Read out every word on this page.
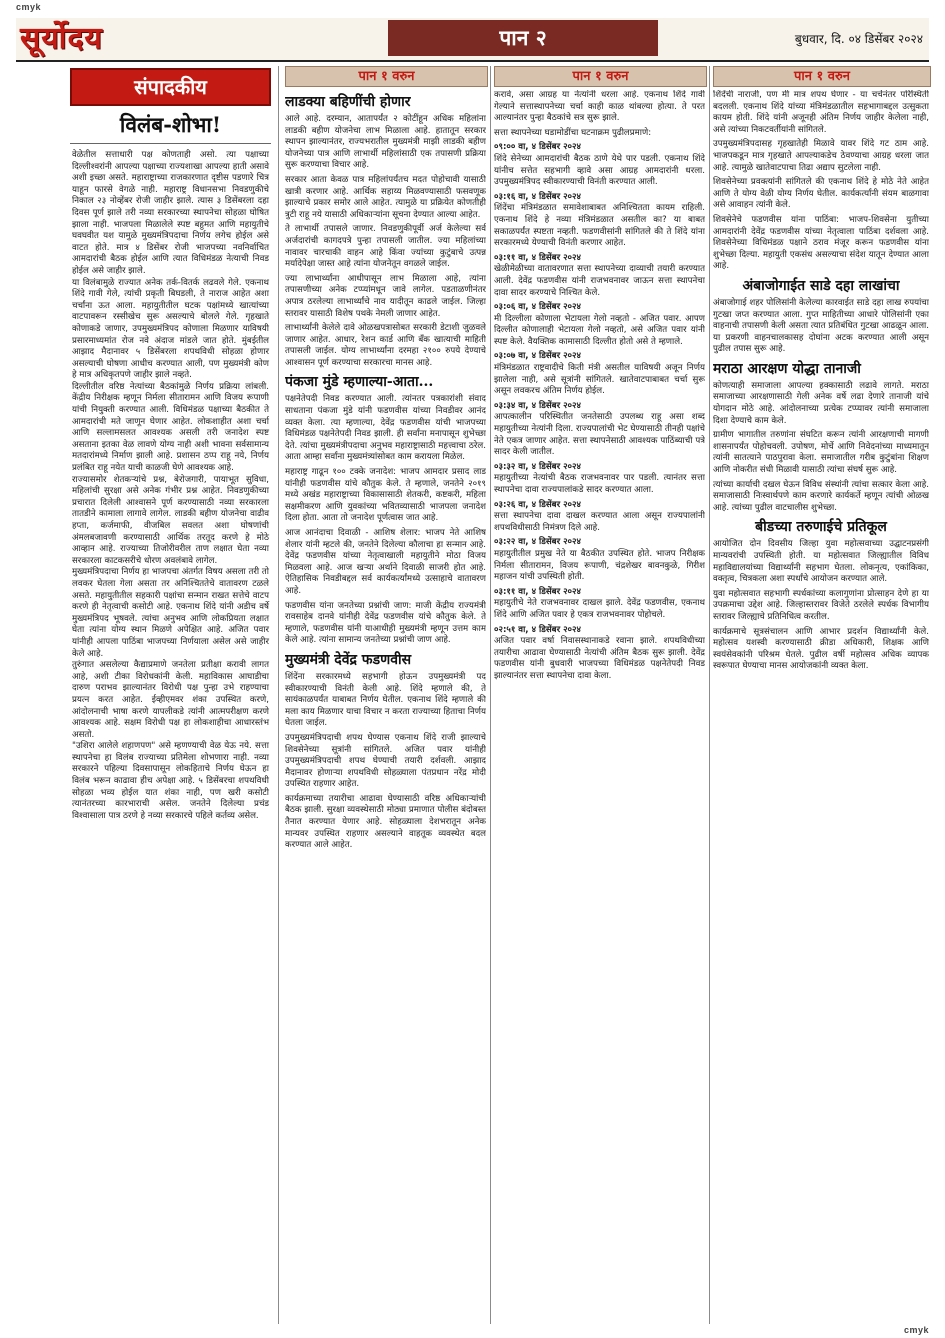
cmyk
सूर्योदय	पान २	बुधवार, दि. ०४ डिसेंबर २०२४
संपादकीय
विलंब-शोभा!

वेळेतील सत्ताधारी पक्ष कोणताही असो. त्या पक्षाच्या दिल्लीश्वरांनी आपल्या पक्षाच्या राज्यशाखा आपल्या हाती असावे अशी इच्छा असते. महाराष्ट्राच्या राजकारणात दृष्टीस पडणारे चित्र याहून फारसे वेगळे नाही. महाराष्ट्र विधानसभा निवडणुकीचे निकाल २३ नोव्हेंबर रोजी जाहीर झाले. त्यास ३ डिसेंबरला दहा दिवस पूर्ण झाले तरी नव्या सरकारच्या स्थापनेचा सोहळा घोषित झाला नाही. भाजपला मिळालेले स्पष्ट बहुमत आणि महायुतीचे घवघवीत यश यामुळे मुख्यमंत्रिपदाचा निर्णय लगेच होईल असे वाटत होते. मात्र ४ डिसेंबर रोजी भाजपच्या नवनिर्वाचित आमदारांची बैठक होईल आणि त्यात विधिमंडळ नेत्याची निवड होईल असे जाहीर झाले.

या विलंबामुळे राज्यात अनेक तर्क-वितर्क लढवले गेले. एकनाथ शिंदे गावी गेले, त्यांची प्रकृती बिघडली, ते नाराज आहेत अशा चर्चांना ऊत आला. महायुतीतील घटक पक्षांमध्ये खात्यांच्या वाटपावरून रस्सीखेच सुरू असल्याचे बोलले गेले. गृहखाते कोणाकडे जाणार, उपमुख्यमंत्रिपद कोणाला मिळणार याविषयी प्रसारमाध्यमांत रोज नवे अंदाज मांडले जात होते. मुंबईतील आझाद मैदानावर ५ डिसेंबरला शपथविधी सोहळा होणार असल्याची घोषणा आधीच करण्यात आली, पण मुख्यमंत्री कोण हे मात्र अधिकृतपणे जाहीर झाले नव्हते.

दिल्लीतील वरिष्ठ नेत्यांच्या बैठकांमुळे निर्णय प्रक्रिया लांबली. केंद्रीय निरीक्षक म्हणून निर्मला सीतारामन आणि विजय रूपाणी यांची नियुक्ती करण्यात आली. विधिमंडळ पक्षाच्या बैठकीत ते आमदारांची मते जाणून घेणार आहेत. लोकशाहीत अशा चर्चा आणि सल्लामसलत आवश्यक असली तरी जनादेश स्पष्ट असताना इतका वेळ लावणे योग्य नाही अशी भावना सर्वसामान्य मतदारांमध्ये निर्माण झाली आहे. प्रशासन ठप्प राहू नये, निर्णय प्रलंबित राहू नयेत याची काळजी घेणे आवश्यक आहे.

राज्यासमोर शेतकऱ्यांचे प्रश्न, बेरोजगारी, पायाभूत सुविधा, महिलांची सुरक्षा असे अनेक गंभीर प्रश्न आहेत. निवडणुकीच्या प्रचारात दिलेली आश्वासने पूर्ण करण्यासाठी नव्या सरकारला तातडीने कामाला लागावे लागेल. लाडकी बहीण योजनेचा वाढीव हप्ता, कर्जमाफी, वीजबिल सवलत अशा घोषणांची अंमलबजावणी करण्यासाठी आर्थिक तरतूद करणे हे मोठे आव्हान आहे. राज्याच्या तिजोरीवरील ताण लक्षात घेता नव्या सरकारला काटकसरीचे धोरण अवलंबावे लागेल.

मुख्यमंत्रिपदाचा निर्णय हा भाजपचा अंतर्गत विषय असला तरी तो लवकर घेतला गेला असता तर अनिश्चिततेचे वातावरण टळले असते. महायुतीतील सहकारी पक्षांचा सन्मान राखत सत्तेचे वाटप करणे ही नेतृत्वाची कसोटी आहे. एकनाथ शिंदे यांनी अडीच वर्षे मुख्यमंत्रिपद भूषवले. त्यांचा अनुभव आणि लोकप्रियता लक्षात घेता त्यांना योग्य स्थान मिळणे अपेक्षित आहे. अजित पवार यांनीही आपला पाठिंबा भाजपच्या निर्णयाला असेल असे जाहीर केले आहे.

तुरुंगात असलेल्या कैद्याप्रमाणे जनतेला प्रतीक्षा करावी लागत आहे, अशी टीका विरोधकांनी केली. महाविकास आघाडीचा दारुण पराभव झाल्यानंतर विरोधी पक्ष पुन्हा उभे राहण्याचा प्रयत्न करत आहेत. ईव्हीएमवर शंका उपस्थित करणे, आंदोलनाची भाषा करणे यापलीकडे त्यांनी आत्मपरीक्षण करणे आवश्यक आहे. सक्षम विरोधी पक्ष हा लोकशाहीचा आधारस्तंभ असतो.

"उशिरा आलेले शहाणपण" असे म्हणण्याची वेळ येऊ नये. सत्ता स्थापनेचा हा विलंब राज्याच्या प्रतिमेला शोभणारा नाही. नव्या सरकारने पहिल्या दिवसापासून लोकहिताचे निर्णय घेऊन हा विलंब भरून काढावा हीच अपेक्षा आहे. ५ डिसेंबरचा शपथविधी सोहळा भव्य होईल यात शंका नाही, पण खरी कसोटी त्यानंतरच्या कारभाराची असेल. जनतेने दिलेल्या प्रचंड विश्वासाला पात्र ठरणे हे नव्या सरकारचे पहिले कर्तव्य असेल.

पान १ वरुन	पान १ वरुन	पान १ वरुन
लाडक्या बहिणींची होणार

आले आहे. दरम्यान, आतापर्यंत २ कोटींहून अधिक महिलांना लाडकी बहीण योजनेचा लाभ मिळाला आहे. हातातून सरकार स्थापन झाल्यानंतर, राज्यभरातील मुख्यमंत्री माझी लाडकी बहीण योजनेच्या पात्र आणि लाभार्थी महिलांसाठी एक तपासणी प्रक्रिया सुरू करण्याचा विचार आहे.

सरकार आता केवळ पात्र महिलांपर्यंतच मदत पोहोचावी यासाठी खात्री करणार आहे. आर्थिक सहाय्य मिळवण्यासाठी फसवणूक झाल्याचे प्रकार समोर आले आहेत. त्यामुळे या प्रक्रियेत कोणतीही त्रुटी राहू नये यासाठी अधिकाऱ्यांना सूचना देण्यात आल्या आहेत.

ते लाभार्थी तपासले जाणार. निवडणुकीपूर्वी अर्ज केलेल्या सर्व अर्जदारांची कागदपत्रे पुन्हा तपासली जातील. ज्या महिलांच्या नावावर चारचाकी वाहन आहे किंवा ज्यांच्या कुटुंबाचे उत्पन्न मर्यादेपेक्षा जास्त आहे त्यांना योजनेतून वगळले जाईल.

ज्या लाभार्थ्यांना आधीपासून लाभ मिळाला आहे, त्यांना तपासणीच्या अनेक टप्प्यांमधून जावे लागेल. पडताळणीनंतर अपात्र ठरलेल्या लाभार्थ्यांचे नाव यादीतून काढले जाईल. जिल्हा स्तरावर यासाठी विशेष पथके नेमली जाणार आहेत.

लाभार्थ्यांनी केलेले दावे ओळखपत्रासोबत सरकारी डेटाशी जुळवले जाणार आहेत. आधार, रेशन कार्ड आणि बँक खात्याची माहिती तपासली जाईल. योग्य लाभार्थ्यांना दरमहा २१०० रुपये देण्याचे आश्वासन पूर्ण करण्याचा सरकारचा मानस आहे.

पंकजा मुंडे म्हणाल्या-आता...

पक्षनेतेपदी निवड करण्यात आली. त्यांनतर पत्रकारांशी संवाद साधताना पंकजा मुंडे यांनी फडणवीस यांच्या निवडीवर आनंद व्यक्त केला. त्या म्हणाल्या, देवेंद्र फडणवीस यांची भाजपच्या विधिमंडळ पक्षनेतेपदी निवड झाली. ही सर्वांना मनापासून शुभेच्छा देते. त्यांचा मुख्यमंत्रीपदाचा अनुभव महाराष्ट्रासाठी महत्त्वाचा ठरेल. आता आम्हा सर्वांना मुख्यमंत्र्यांसोबत काम करायला मिळेल.

महाराष्ट्र गाढून १०० टक्के जनादेश: भाजप आमदार प्रसाद लाड यांनीही फडणवीस यांचे कौतुक केले. ते म्हणाले, जनतेने २०१९ मध्ये अखंड महाराष्ट्राच्या विकासासाठी शेतकरी, कष्टकरी, महिला सक्षमीकरण आणि युवकांच्या भवितव्यासाठी भाजपला जनादेश दिला होता. आता तो जनादेश पूर्णत्वास जात आहे.

आज आनंदाचा दिवाळी - आशिष शेलार: भाजप नेते आशिष शेलार यांनी म्हटले की, जनतेने दिलेल्या कौलाचा हा सन्मान आहे. देवेंद्र फडणवीस यांच्या नेतृत्वाखाली महायुतीने मोठा विजय मिळवला आहे. आज खऱ्या अर्थाने दिवाळी साजरी होत आहे. ऐतिहासिक निवडीबद्दल सर्व कार्यकर्त्यांमध्ये उत्साहाचे वातावरण आहे.

फडणवीस यांना जनतेच्या प्रश्नांची जाण: माजी केंद्रीय राज्यमंत्री रावसाहेब दानवे यांनीही देवेंद्र फडणवीस यांचे कौतुक केले. ते म्हणाले, फडणवीस यांनी याआधीही मुख्यमंत्री म्हणून उत्तम काम केले आहे. त्यांना सामान्य जनतेच्या प्रश्नांची जाण आहे.

मुख्यमंत्री देवेंद्र फडणवीस

शिंदेंना सरकारमध्ये सहभागी होऊन उपमुख्यमंत्री पद स्वीकारण्याची विनंती केली आहे. शिंदे म्हणाले की, ते सायंकाळपर्यंत याबाबत निर्णय घेतील. एकनाथ शिंदे म्हणाले की मला काय मिळणार याचा विचार न करता राज्याच्या हिताचा निर्णय घेतला जाईल.

उपमुख्यमंत्रिपदाची शपथ घेण्यास एकनाथ शिंदे राजी झाल्याचे शिवसेनेच्या सूत्रांनी सांगितले. अजित पवार यांनीही उपमुख्यमंत्रिपदाची शपथ घेण्याची तयारी दर्शवली. आझाद मैदानावर होणाऱ्या शपथविधी सोहळ्याला पंतप्रधान नरेंद्र मोदी उपस्थित राहणार आहेत.

कार्यक्रमाच्या तयारीचा आढावा घेण्यासाठी वरिष्ठ अधिकाऱ्यांची बैठक झाली. सुरक्षा व्यवस्थेसाठी मोठ्या प्रमाणात पोलीस बंदोबस्त तैनात करण्यात येणार आहे. सोहळ्याला देशभरातून अनेक मान्यवर उपस्थित राहणार असल्याने वाहतूक व्यवस्थेत बदल करण्यात आले आहेत.

करावे, असा आग्रह या नेत्यांनी धरला आहे. एकनाथ शिंदे गावी गेल्याने सत्तास्थापनेच्या चर्चा काही काळ थांबल्या होत्या. ते परत आल्यानंतर पुन्हा बैठकांचे सत्र सुरू झाले.

सत्ता स्थापनेच्या घडामोडींचा घटनाक्रम पुढीलप्रमाणे:

०९:०० वा, ४ डिसेंबर २०२४
शिंदे सेनेच्या आमदारांची बैठक ठाणे येथे पार पडली. एकनाथ शिंदे यांनीच सत्तेत सहभागी व्हावे असा आग्रह आमदारांनी धरला. उपमुख्यमंत्रिपद स्वीकारण्याची विनंती करण्यात आली.

०३:१६ वा, ४ डिसेंबर २०२४
शिंदेंचा मंत्रिमंडळात समावेशाबाबत अनिश्चितता कायम राहिली. एकनाथ शिंदे हे नव्या मंत्रिमंडळात असतील का? या बाबत सकाळपर्यंत स्पष्टता नव्हती. फडणवीसांनी सांगितले की ते शिंदे यांना सरकारमध्ये येण्याची विनंती करणार आहेत.

०३:११ वा, ४ डिसेंबर २०२४
खेळीमेळीच्या वातावरणात सत्ता स्थापनेच्या दाव्याची तयारी करण्यात आली. देवेंद्र फडणवीस यांनी राजभवनावर जाऊन सत्ता स्थापनेचा दावा सादर करण्याचे निश्चित केले.

०३:०६ वा, ४ डिसेंबर २०२४
मी दिल्लीला कोणाला भेटायला गेलो नव्हतो - अजित पवार. आपण दिल्लीत कोणालाही भेटायला गेलो नव्हतो, असे अजित पवार यांनी स्पष्ट केले. वैयक्तिक कामासाठी दिल्लीत होतो असे ते म्हणाले.

०३:०७ वा, ४ डिसेंबर २०२४
मंत्रिमंडळात राष्ट्रवादीचे किती मंत्री असतील याविषयी अजून निर्णय झालेला नाही, असे सूत्रांनी सांगितले. खातेवाटपाबाबत चर्चा सुरू असून लवकरच अंतिम निर्णय होईल.

०३:३४ वा, ४ डिसेंबर २०२४
आपत्कालीन परिस्थितीत जनतेसाठी उपलब्ध राहू असा शब्द महायुतीच्या नेत्यांनी दिला. राज्यपालांची भेट घेण्यासाठी तीनही पक्षांचे नेते एकत्र जाणार आहेत. सत्ता स्थापनेसाठी आवश्यक पाठिंब्याची पत्रे सादर केली जातील.

०३:३२ वा, ४ डिसेंबर २०२४
महायुतीच्या नेत्यांची बैठक राजभवनावर पार पडली. त्यानंतर सत्ता स्थापनेचा दावा राज्यपालांकडे सादर करण्यात आला.

०३:२६ वा, ४ डिसेंबर २०२४
सत्ता स्थापनेचा दावा दाखल करण्यात आला असून राज्यपालांनी शपथविधीसाठी निमंत्रण दिले आहे.

०३:२२ वा, ४ डिसेंबर २०२४
महायुतीतील प्रमुख नेते या बैठकीत उपस्थित होते. भाजप निरीक्षक निर्मला सीतारामन, विजय रूपाणी, चंद्रशेखर बावनकुळे, गिरीश महाजन यांची उपस्थिती होती.

०३:११ वा, ४ डिसेंबर २०२४
महायुतीचे नेते राजभवनावर दाखल झाले. देवेंद्र फडणवीस, एकनाथ शिंदे आणि अजित पवार हे एकत्र राजभवनावर पोहोचले.

०२:५१ वा, ४ डिसेंबर २०२४
अजित पवार वर्षा निवासस्थानाकडे रवाना झाले. शपथविधीच्या तयारीचा आढावा घेण्यासाठी नेत्यांची अंतिम बैठक सुरू झाली. देवेंद्र फडणवीस यांनी बुधवारी भाजपच्या विधिमंडळ पक्षनेतेपदी निवड झाल्यानंतर सत्ता स्थापनेचा दावा केला.

शिंदेंची नाराजी, पण मी मात्र शपथ घेणार - या चर्चेनंतर परिस्थिती बदलली. एकनाथ शिंदे यांच्या मंत्रिमंडळातील सहभागाबद्दल उत्सुकता कायम होती. शिंदे यांनी अजूनही अंतिम निर्णय जाहीर केलेला नाही, असे त्यांच्या निकटवर्तीयांनी सांगितले.

उपमुख्यमंत्रिपदासह गृहखातेही मिळावे यावर शिंदे गट ठाम आहे. भाजपकडून मात्र गृहखाते आपल्याकडेच ठेवण्याचा आग्रह धरला जात आहे. त्यामुळे खातेवाटपाचा तिढा अद्याप सुटलेला नाही.

शिवसेनेच्या प्रवक्त्यांनी सांगितले की एकनाथ शिंदे हे मोठे नेते आहेत आणि ते योग्य वेळी योग्य निर्णय घेतील. कार्यकर्त्यांनी संयम बाळगावा असे आवाहन त्यांनी केले.

शिवसेनेचे फडणवीस यांना पाठिंबा: भाजप-शिवसेना युतीच्या आमदारांनी देवेंद्र फडणवीस यांच्या नेतृत्वाला पाठिंबा दर्शवला आहे. शिवसेनेच्या विधिमंडळ पक्षाने ठराव मंजूर करून फडणवीस यांना शुभेच्छा दिल्या. महायुती एकसंध असल्याचा संदेश यातून देण्यात आला आहे.

अंबाजोगाईत साडे दहा लाखांचा

अंबाजोगाई शहर पोलिसांनी केलेल्या कारवाईत साडे दहा लाख रुपयांचा गुटखा जप्त करण्यात आला. गुप्त माहितीच्या आधारे पोलिसांनी एका वाहनाची तपासणी केली असता त्यात प्रतिबंधित गुटखा आढळून आला. या प्रकरणी वाहनचालकासह दोघांना अटक करण्यात आली असून पुढील तपास सुरू आहे.

मराठा आरक्षण योद्धा तानाजी

कोणत्याही समाजाला आपल्या हक्कासाठी लढावे लागते. मराठा समाजाच्या आरक्षणासाठी गेली अनेक वर्षे लढा देणारे तानाजी यांचे योगदान मोठे आहे. आंदोलनाच्या प्रत्येक टप्प्यावर त्यांनी समाजाला दिशा देण्याचे काम केले.

ग्रामीण भागातील तरुणांना संघटित करून त्यांनी आरक्षणाची मागणी शासनापर्यंत पोहोचवली. उपोषण, मोर्चे आणि निवेदनांच्या माध्यमातून त्यांनी सातत्याने पाठपुरावा केला. समाजातील गरीब कुटुंबांना शिक्षण आणि नोकरीत संधी मिळावी यासाठी त्यांचा संघर्ष सुरू आहे.

त्यांच्या कार्याची दखल घेऊन विविध संस्थांनी त्यांचा सत्कार केला आहे. समाजासाठी निःस्वार्थपणे काम करणारे कार्यकर्ते म्हणून त्यांची ओळख आहे. त्यांच्या पुढील वाटचालीस शुभेच्छा.

बीडच्या तरुणाईचे प्रतिकूल

आयोजित दोन दिवसीय जिल्हा युवा महोत्सवाच्या उद्घाटनप्रसंगी मान्यवरांची उपस्थिती होती. या महोत्सवात जिल्ह्यातील विविध महाविद्यालयांच्या विद्यार्थ्यांनी सहभाग घेतला. लोकनृत्य, एकांकिका, वक्तृत्व, चित्रकला अशा स्पर्धांचे आयोजन करण्यात आले.

युवा महोत्सवात सहभागी स्पर्धकांच्या कलागुणांना प्रोत्साहन देणे हा या उपक्रमाचा उद्देश आहे. जिल्हास्तरावर विजेते ठरलेले स्पर्धक विभागीय स्तरावर जिल्ह्याचे प्रतिनिधित्व करतील.

कार्यक्रमाचे सूत्रसंचालन आणि आभार प्रदर्शन विद्यार्थ्यांनी केले. महोत्सव यशस्वी करण्यासाठी क्रीडा अधिकारी, शिक्षक आणि स्वयंसेवकांनी परिश्रम घेतले. पुढील वर्षी महोत्सव अधिक व्यापक स्वरूपात घेण्याचा मानस आयोजकांनी व्यक्त केला.

cmyk
